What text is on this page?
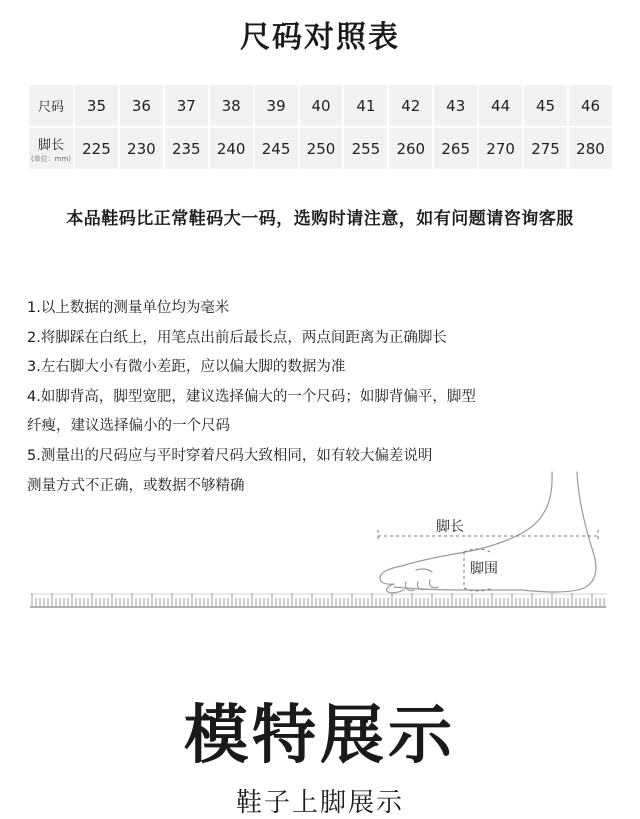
尺码对照表
尺码	35	36	37	38	39	40	41	42	43	44	45	46
脚长
(单位：mm)	225	230	235	240	245	250	255	260	265	270	275	280
本品鞋码比正常鞋码大一码，选购时请注意，如有问题请咨询客服
1.以上数据的测量单位均为毫米
2.将脚踩在白纸上，用笔点出前后最长点，两点间距离为正确脚长
3.左右脚大小有微小差距，应以偏大脚的数据为准
4.如脚背高，脚型宽肥，建议选择偏大的一个尺码；如脚背偏平，脚型
纤瘦，建议选择偏小的一个尺码
5.测量出的尺码应与平时穿着尺码大致相同，如有较大偏差说明
测量方式不正确，或数据不够精确
脚长
脚围
模特展示
鞋子上脚展示
